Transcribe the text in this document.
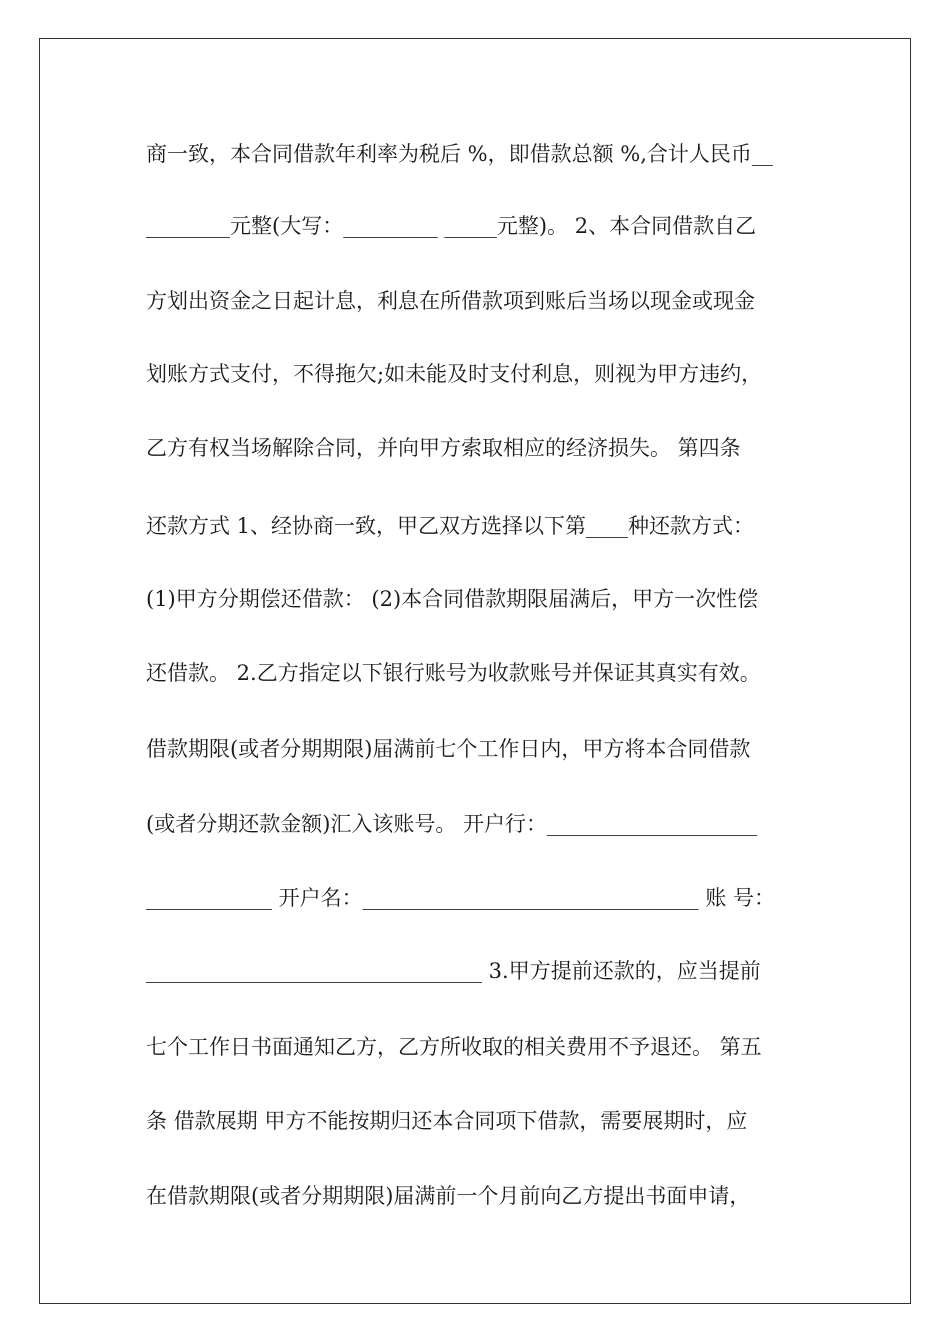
商一致，本合同借款年利率为税后 %，即借款总额 %,合计人民币__
________元整(大写：_________ _____元整)。 2、本合同借款自乙
方划出资金之日起计息，利息在所借款项到账后当场以现金或现金
划账方式支付，不得拖欠;如未能及时支付利息，则视为甲方违约，
乙方有权当场解除合同，并向甲方索取相应的经济损失。 第四条
还款方式 1、经协商一致，甲乙双方选择以下第____种还款方式：
(1)甲方分期偿还借款： (2)本合同借款期限届满后，甲方一次性偿
还借款。 2.乙方指定以下银行账号为收款账号并保证其真实有效。
借款期限(或者分期期限)届满前七个工作日内，甲方将本合同借款
(或者分期还款金额)汇入该账号。 开户行：____________________
____________ 开户名：________________________________ 账 号：
________________________________ 3.甲方提前还款的，应当提前
七个工作日书面通知乙方，乙方所收取的相关费用不予退还。 第五
条 借款展期 甲方不能按期归还本合同项下借款，需要展期时，应
在借款期限(或者分期期限)届满前一个月前向乙方提出书面申请，
